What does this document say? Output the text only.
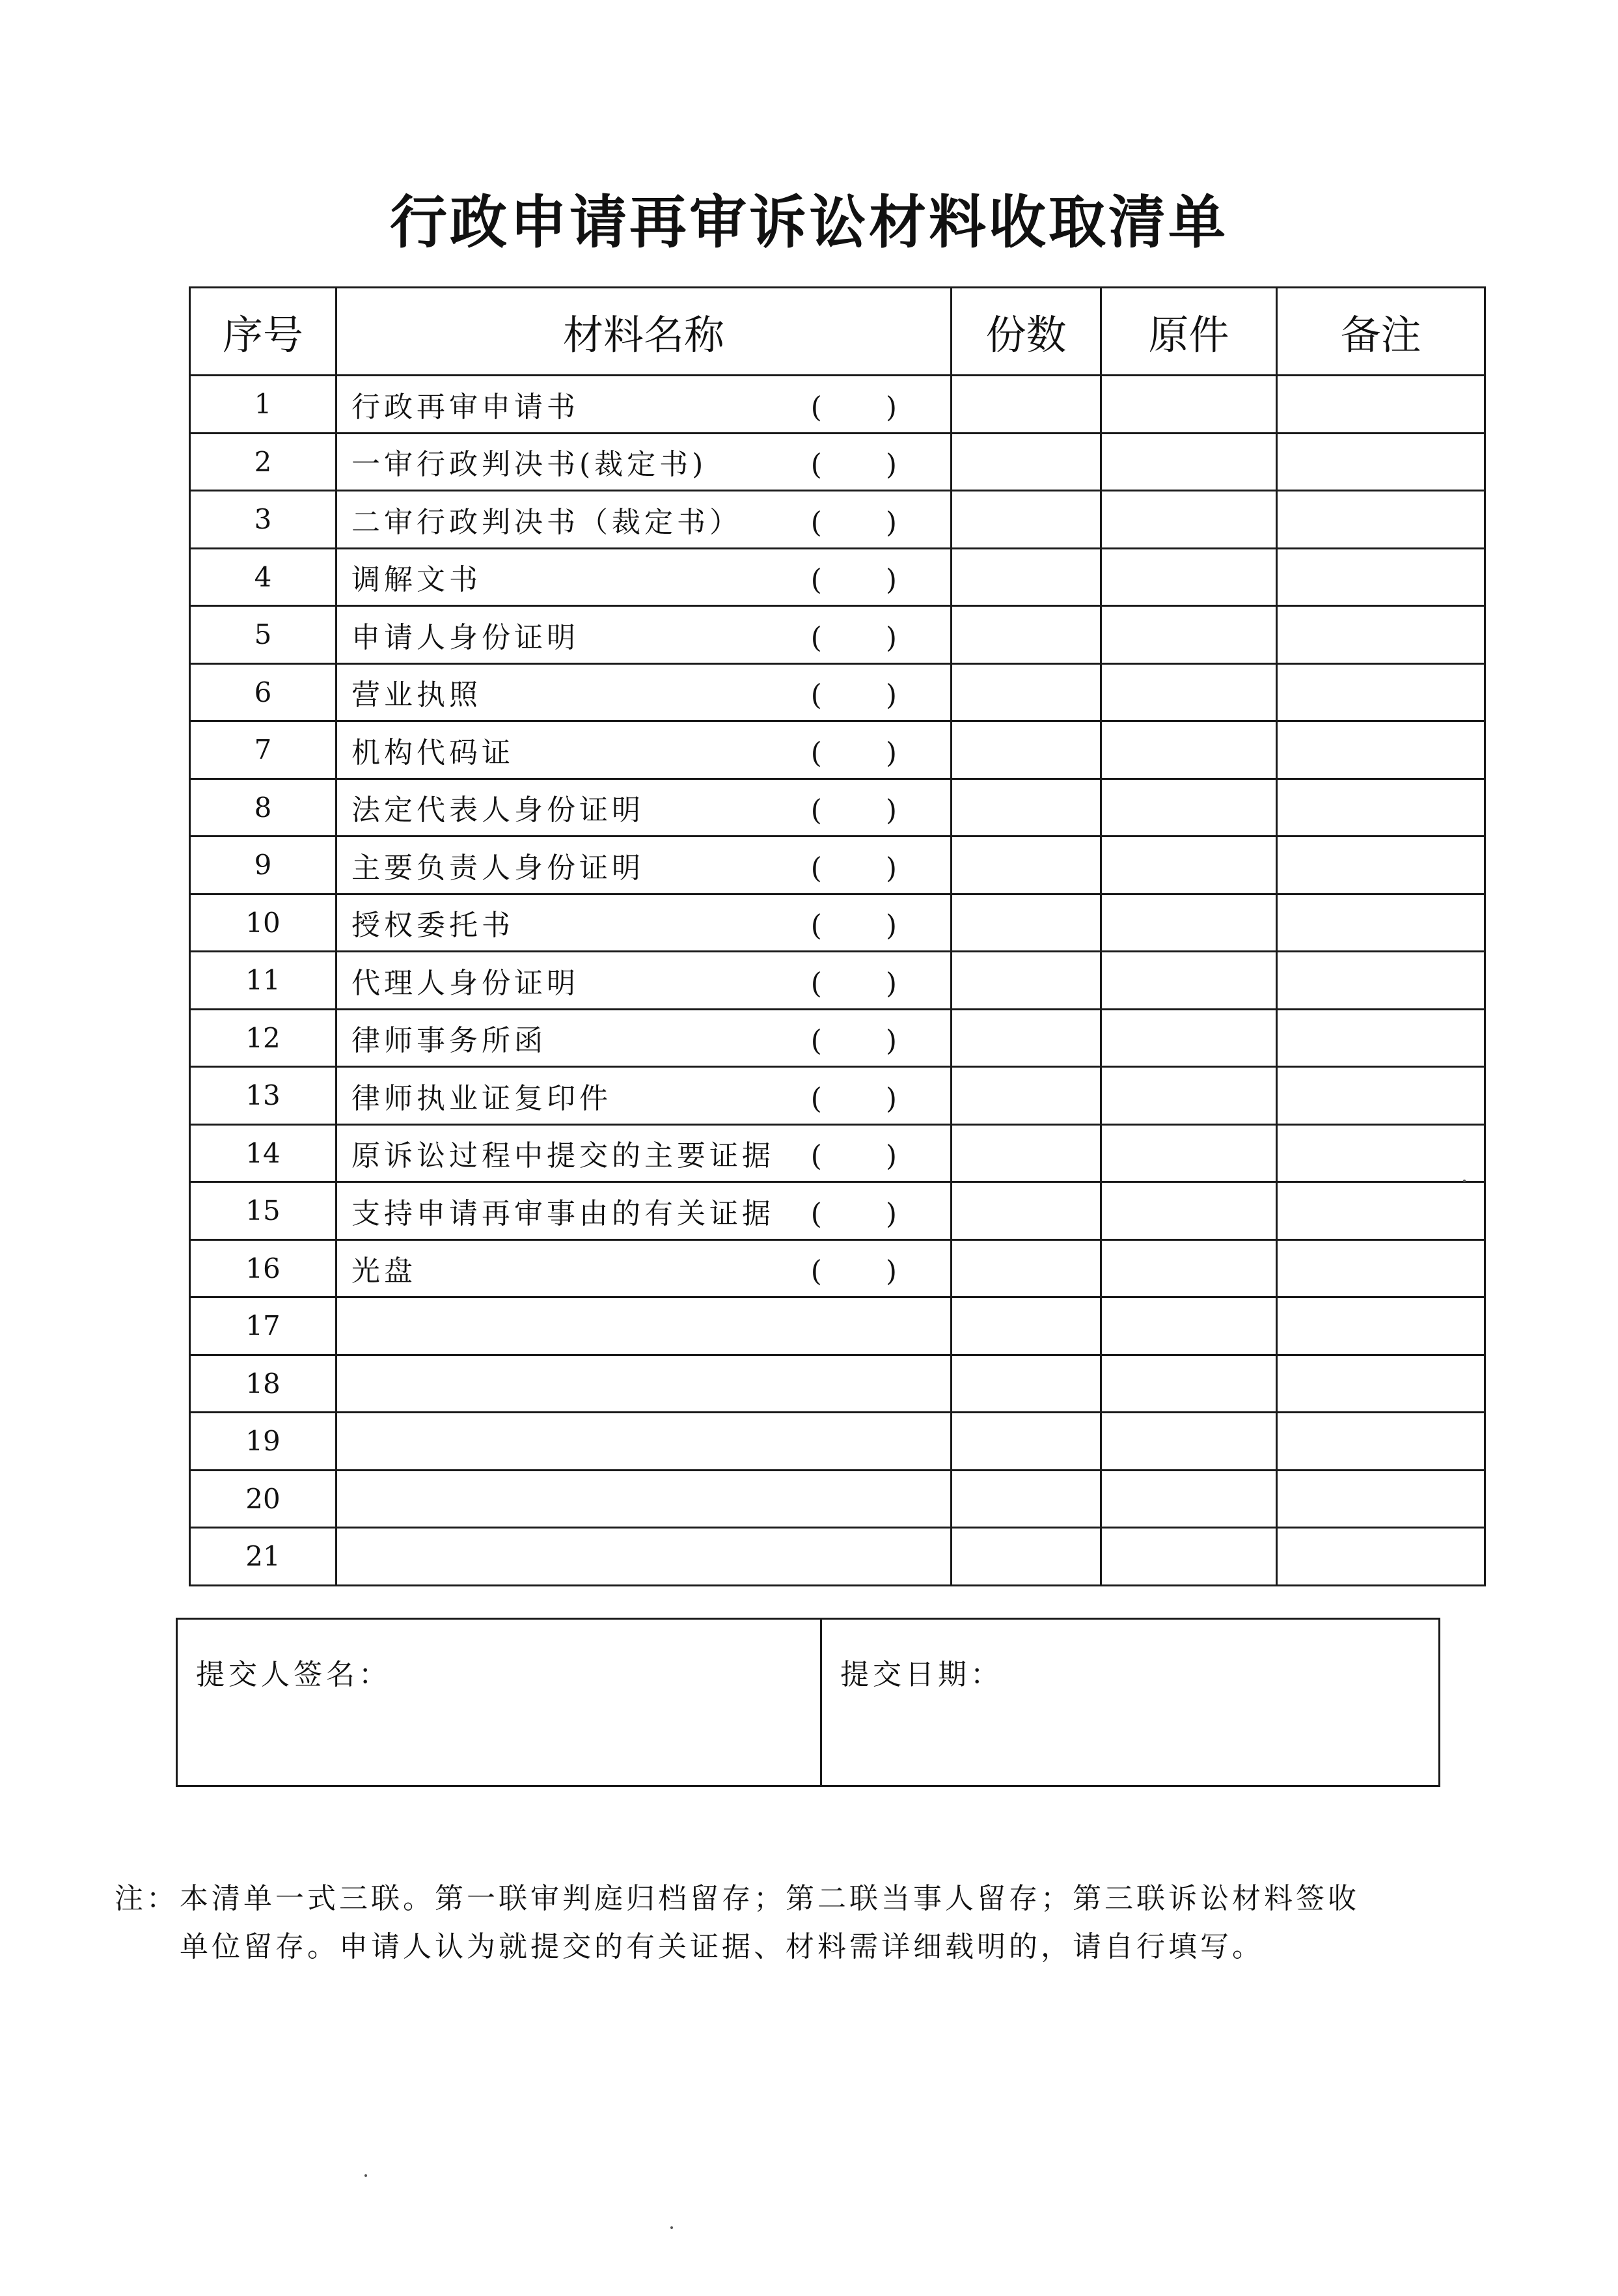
行政申请再审诉讼材料收取清单
序号	材料名称	份数	原件	备注
1	行政再审申请书 ( )			

2	一审行政判决书(裁定书) ( )			

3	二审行政判决书（裁定书） ( )			

4	调解文书 ( )			

5	申请人身份证明 ( )			

6	营业执照 ( )			

7	机构代码证 ( )			

8	法定代表人身份证明 ( )			

9	主要负责人身份证明 ( )			

10	授权委托书 ( )			

11	代理人身份证明 ( )			

12	律师事务所函 ( )			

13	律师执业证复印件 ( )			

14	原诉讼过程中提交的主要证据 ( )			

15	支持申请再审事由的有关证据 ( )			

16	光盘 ( )			

17				
18				
19				
20				
21				
提交人签名：	提交日期：
注： 本清单一式三联。第一联审判庭归档留存；第二联当事人留存；第三联诉讼材料签收
单位留存。申请人认为就提交的有关证据、材料需详细载明的，请自行填写。
